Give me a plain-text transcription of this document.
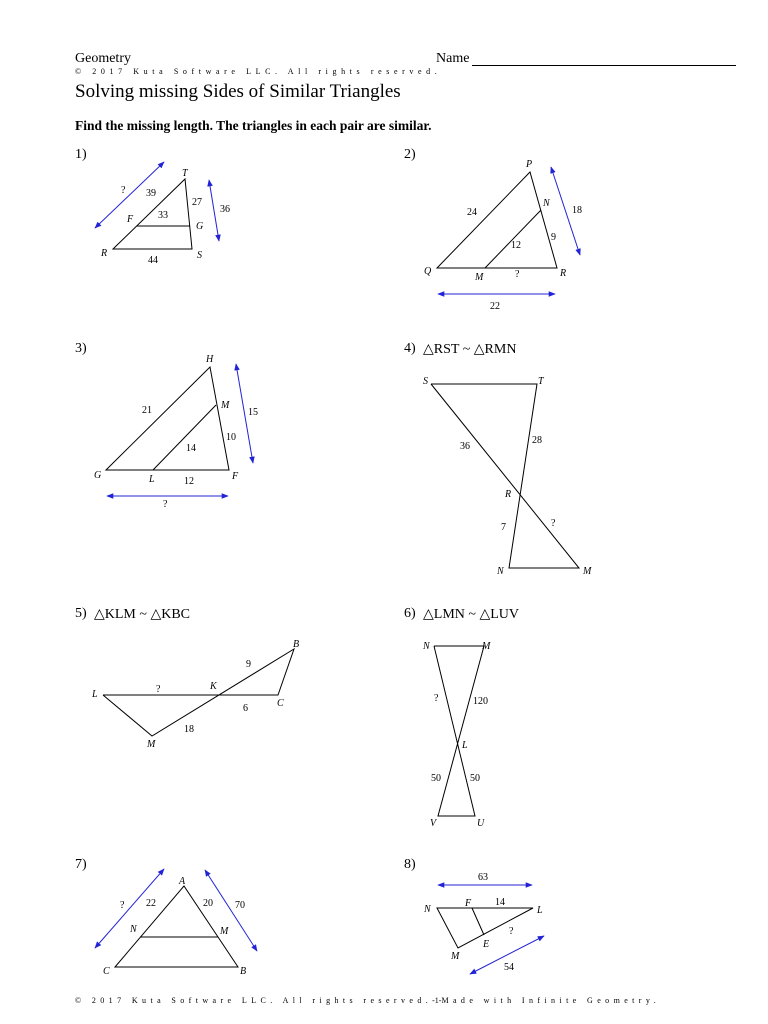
Geometry
© 2017 Kuta Software LLC. All rights reserved.
Name
Solving missing Sides of Similar Triangles
Find the missing length. The triangles in each pair are similar.
1)	2)
3)	4) △RST ~ △RMN
5) △KLM ~ △KBC	6) △LMN ~ △LUV
7)	8)
T
F
G
R	S
? 39
27
36
33
44
P
N
Q
M	R
24	18
9
12
?
22
H
M
G	L	F
21	15
10
14
12
?
S	T
R
N	M
36
28
7	?
B
L
K
C
M
9
?
6
18
N	M
L
V	U
?	120
50	50
A
N	M
C	B
? 22	20 70	N
F
L
E
M
63
14
?
54
© 2017 Kuta Software LLC. All rights reserved.-1-Made with Infinite Geometry.
